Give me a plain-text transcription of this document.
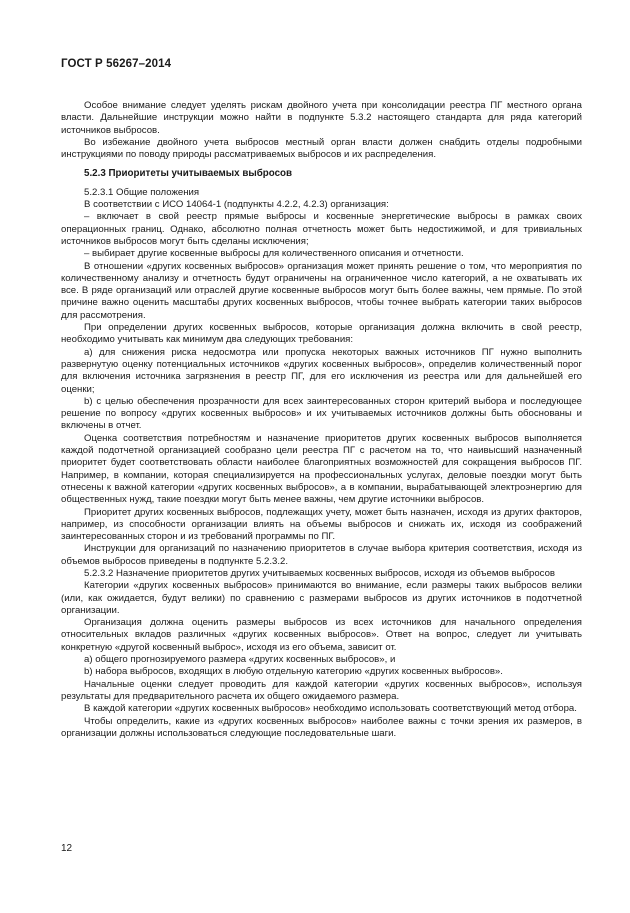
ГОСТ Р 56267–2014

Особое внимание следует уделять рискам двойного учета при консолидации реестра ПГ местного органа власти. Дальнейшие инструкции можно найти в подпункте 5.3.2 настоящего стандарта для ряда категорий источников выбросов.

Во избежание двойного учета выбросов местный орган власти должен снабдить отделы подробными инструкциями по поводу природы рассматриваемых выбросов и их распределения.

5.2.3 Приоритеты учитываемых выбросов

5.2.3.1 Общие положения

В соответствии с ИСО 14064-1 (подпункты 4.2.2, 4.2.3) организация:

– включает в свой реестр прямые выбросы и косвенные энергетические выбросы в рамках своих операционных границ. Однако, абсолютно полная отчетность может быть недостижимой, и для тривиальных источников выбросов могут быть сделаны исключения;

– выбирает другие косвенные выбросы для количественного описания и отчетности.

В отношении «других косвенных выбросов» организация может принять решение о том, что мероприятия по количественному анализу и отчетность будут ограничены на ограниченное число категорий, а не охватывать их все. В ряде организаций или отраслей другие косвенные выбросов могут быть более важны, чем прямые. По этой причине важно оценить масштабы других косвенных выбросов, чтобы точнее выбрать категории таких выбросов для рассмотрения.

При определении других косвенных выбросов, которые организация должна включить в свой реестр, необходимо учитывать как минимум два следующих требования:

a) для снижения риска недосмотра или пропуска некоторых важных источников ПГ нужно выполнить развернутую оценку потенциальных источников «других косвенных выбросов», определив количественный порог для включения источника загрязнения в реестр ПГ, для его исключения из реестра или для дальнейшей его оценки;

b) с целью обеспечения прозрачности для всех заинтересованных сторон критерий выбора и последующее решение по вопросу «других косвенных выбросов» и их учитываемых источников должны быть обоснованы и включены в отчет.

Оценка соответствия потребностям и назначение приоритетов других косвенных выбросов выполняется каждой подотчетной организацией сообразно цели реестра ПГ с расчетом на то, что наивысший назначенный приоритет будет соответствовать области наиболее благоприятных возможностей для сокращения выбросов ПГ. Например, в компании, которая специализируется на профессиональных услугах, деловые поездки могут быть отнесены к важной категории «других косвенных выбросов», а в компании, вырабатывающей электроэнергию для общественных нужд, такие поездки могут быть менее важны, чем другие источники выбросов.

Приоритет других косвенных выбросов, подлежащих учету, может быть назначен, исходя из других факторов, например, из способности организации влиять на объемы выбросов и снижать их, исходя из соображений заинтересованных сторон и из требований программы по ПГ.

Инструкции для организаций по назначению приоритетов в случае выбора критерия соответствия, исходя из объемов выбросов приведены в подпункте 5.2.3.2.

5.2.3.2 Назначение приоритетов других учитываемых косвенных выбросов, исходя из объемов выбросов

Категории «других косвенных выбросов» принимаются во внимание, если размеры таких выбросов велики (или, как ожидается, будут велики) по сравнению с размерами выбросов из других источников в подотчетной организации.

Организация должна оценить размеры выбросов из всех источников для начального определения относительных вкладов различных «других косвенных выбросов». Ответ на вопрос, следует ли учитывать конкретную «другой косвенный выброс», исходя из его объема, зависит от.

a) общего прогнозируемого размера «других косвенных выбросов», и

b) набора выбросов, входящих в любую отдельную категорию «других косвенных выбросов».

Начальные оценки следует проводить для каждой категории «других косвенных выбросов», используя результаты для предварительного расчета их общего ожидаемого размера.

В каждой категории «других косвенных выбросов» необходимо использовать соответствующий метод отбора.

Чтобы определить, какие из «других косвенных выбросов» наиболее важны с точки зрения их размеров, в организации должны использоваться следующие последовательные шаги.

12
